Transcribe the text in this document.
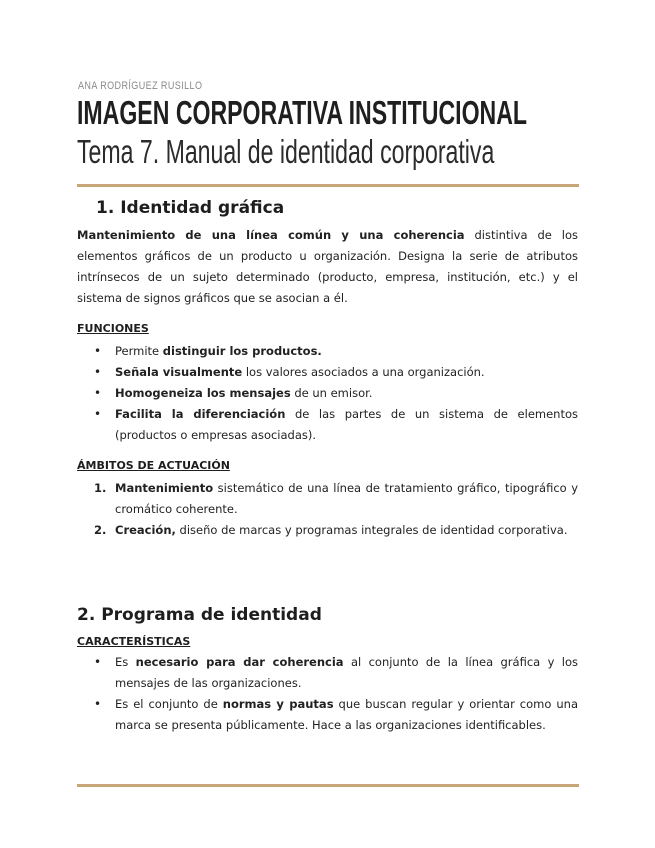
ANA RODRÍGUEZ RUSILLO
IMAGEN CORPORATIVA INSTITUCIONAL
Tema 7. Manual de identidad corporativa
1. Identidad gráfica
Mantenimiento de una línea común y una coherencia distintiva de los elementos gráficos de un producto u organización. Designa la serie de atributos intrínsecos de un sujeto determinado (producto, empresa, institución, etc.) y el sistema de signos gráficos que se asocian a él.
FUNCIONES
• Permite distinguir los productos.
• Señala visualmente los valores asociados a una organización.
• Homogeneiza los mensajes de un emisor.
• Facilita la diferenciación de las partes de un sistema de elementos (productos o empresas asociadas).
ÁMBITOS DE ACTUACIÓN
1. Mantenimiento sistemático de una línea de tratamiento gráfico, tipográfico y cromático coherente.
2. Creación, diseño de marcas y programas integrales de identidad corporativa.
2. Programa de identidad
CARACTERÍSTICAS
• Es necesario para dar coherencia al conjunto de la línea gráfica y los mensajes de las organizaciones.
• Es el conjunto de normas y pautas que buscan regular y orientar como una marca se presenta públicamente. Hace a las organizaciones identificables.
